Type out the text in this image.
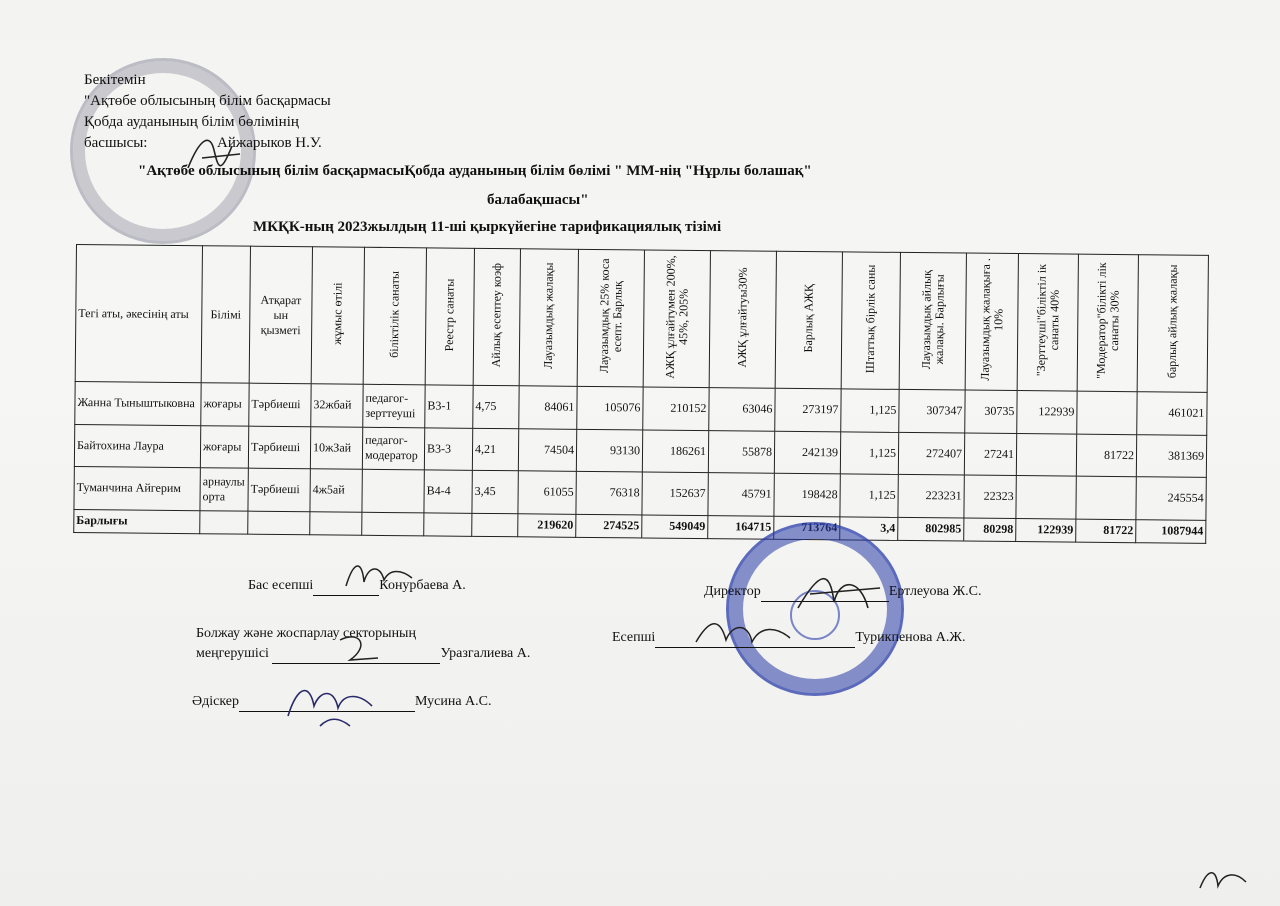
Бекітемін
"Ақтөбе облысының білім басқармасы
Қобда ауданының білім бөлімінің
басшысы:	Айжарыков Н.У.
"Ақтөбе облысының білім басқармасыҚобда ауданының білім бөлімі " ММ-нің "Нұрлы болашақ"
балабақшасы"
МКҚК-ның 2023жылдың 11-ші қыркүйегіне тарификациялық тізімі
Тегі аты, әкесінің аты	Білімі	Атқарат ын қызметі	жұмыс өтілі	біліктілік санаты	Реестр санаты	Айлық есептеу коэф	Лауазымдық жалақы	Лауазымдық 25% коса есепт. Барлық	АЖҚ ұлғайтумен 200%, 45%, 205%	АЖҚ ұлғайтуы30%	Барлық АЖҚ	Штаттық бірлік саны	Лауазымдық айлық жалақы. Барлығы	Лауазымдық жалақыға . 10%	"Зерттеуші"біліктіл ік санаты 40%	"Модератор"білікті лік санаты 30%	барлық айлық жалақы
Жанна Тыныштыковна	жоғары	Тәрбиеші	32жбай	педагог-зерттеуші	В3-1	4,75	84061	105076	210152	63046	273197	1,125	307347	30735	122939		461021
Байтохина Лаура	жоғары	Тәрбиеші	10жЗай	педагог-модератор	В3-3	4,21	74504	93130	186261	55878	242139	1,125	272407	27241		81722	381369
Туманчина Айгерим	арнаулы орта	Тәрбиеші	4ж5ай		В4-4	3,45	61055	76318	152637	45791	198428	1,125	223231	22323			245554
Барлығы							219620	274525	549049	164715	713764	3,4	802985	80298	122939	81722	1087944
Бас есепші	Конурбаева А.	Директор	Ертлеуова Ж.С.
Болжау және жоспарлау секторының
меңгерушісі	Уразгалиева А.
Есепші	Турикпенова А.Ж.
Әдіскер	Мусина А.С.
